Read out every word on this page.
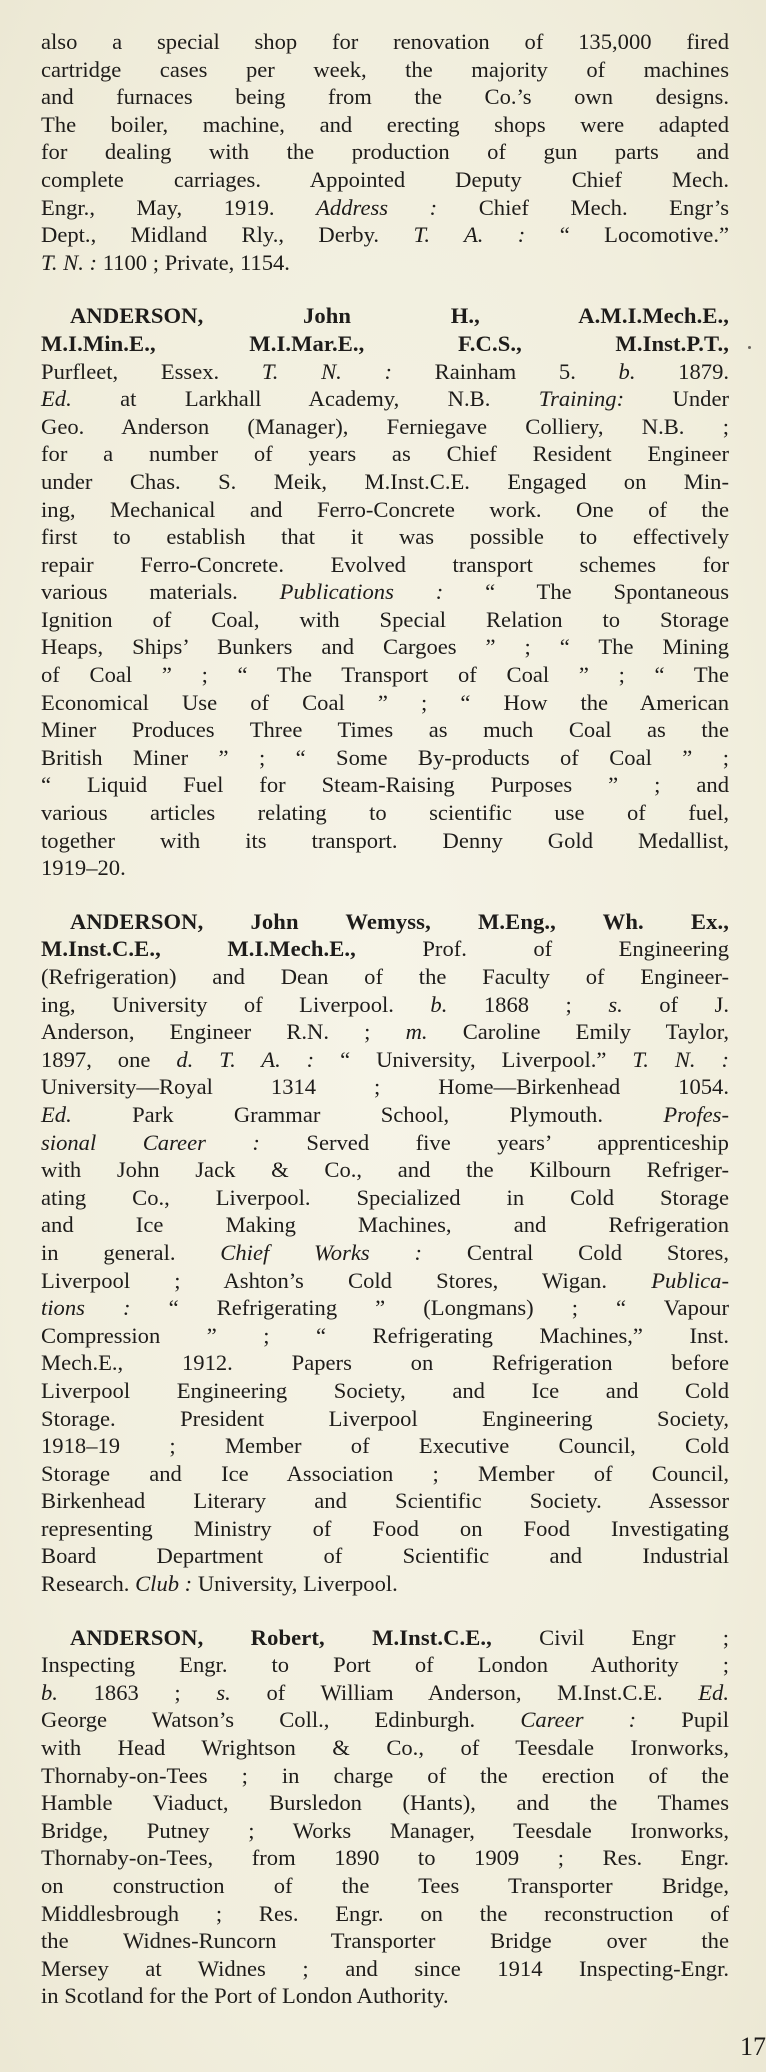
also a special shop for renovation of 135,000 fired
cartridge cases per week, the majority of machines
and furnaces being from the Co.’s own designs.
The boiler, machine, and erecting shops were adapted
for dealing with the production of gun parts and
complete carriages. Appointed Deputy Chief Mech.
Engr., May, 1919. Address : Chief Mech. Engr’s
Dept., Midland Rly., Derby. T. A. : “ Locomotive.”
T. N. : 1100 ; Private, 1154.
ANDERSON, John H., A.M.I.Mech.E.,
M.I.Min.E., M.I.Mar.E., F.C.S., M.Inst.P.T.,
Purfleet, Essex. T. N. : Rainham 5. b. 1879.
Ed. at Larkhall Academy, N.B. Training: Under
Geo. Anderson (Manager), Ferniegave Colliery, N.B. ;
for a number of years as Chief Resident Engineer
under Chas. S. Meik, M.Inst.C.E. Engaged on Min-
ing, Mechanical and Ferro-Concrete work. One of the
first to establish that it was possible to effectively
repair Ferro-Concrete. Evolved transport schemes for
various materials. Publications : “ The Spontaneous
Ignition of Coal, with Special Relation to Storage
Heaps, Ships’ Bunkers and Cargoes ” ; “ The Mining
of Coal ” ; “ The Transport of Coal ” ; “ The
Economical Use of Coal ” ; “ How the American
Miner Produces Three Times as much Coal as the
British Miner ” ; “ Some By-products of Coal ” ;
“ Liquid Fuel for Steam-Raising Purposes ” ; and
various articles relating to scientific use of fuel,
together with its transport. Denny Gold Medallist,
1919–20.
ANDERSON, John Wemyss, M.Eng., Wh. Ex.,
M.Inst.C.E., M.I.Mech.E., Prof. of Engineering
(Refrigeration) and Dean of the Faculty of Engineer-
ing, University of Liverpool. b. 1868 ; s. of J.
Anderson, Engineer R.N. ; m. Caroline Emily Taylor,
1897, one d. T. A. : “ University, Liverpool.” T. N. :
University—Royal 1314 ; Home—Birkenhead 1054.
Ed. Park Grammar School, Plymouth. Profes-
sional Career : Served five years’ apprenticeship
with John Jack & Co., and the Kilbourn Refriger-
ating Co., Liverpool. Specialized in Cold Storage
and Ice Making Machines, and Refrigeration
in general. Chief Works : Central Cold Stores,
Liverpool ; Ashton’s Cold Stores, Wigan. Publica-
tions : “ Refrigerating ” (Longmans) ; “ Vapour
Compression ” ; “ Refrigerating Machines,” Inst.
Mech.E., 1912. Papers on Refrigeration before
Liverpool Engineering Society, and Ice and Cold
Storage. President Liverpool Engineering Society,
1918–19 ; Member of Executive Council, Cold
Storage and Ice Association ; Member of Council,
Birkenhead Literary and Scientific Society. Assessor
representing Ministry of Food on Food Investigating
Board Department of Scientific and Industrial
Research. Club : University, Liverpool.
ANDERSON, Robert, M.Inst.C.E., Civil Engr ;
Inspecting Engr. to Port of London Authority ;
b. 1863 ; s. of William Anderson, M.Inst.C.E. Ed.
George Watson’s Coll., Edinburgh. Career : Pupil
with Head Wrightson & Co., of Teesdale Ironworks,
Thornaby-on-Tees ; in charge of the erection of the
Hamble Viaduct, Bursledon (Hants), and the Thames
Bridge, Putney ; Works Manager, Teesdale Ironworks,
Thornaby-on-Tees, from 1890 to 1909 ; Res. Engr.
on construction of the Tees Transporter Bridge,
Middlesbrough ; Res. Engr. on the reconstruction of
the Widnes-Runcorn Transporter Bridge over the
Mersey at Widnes ; and since 1914 Inspecting-Engr.
in Scotland for the Port of London Authority.
17
